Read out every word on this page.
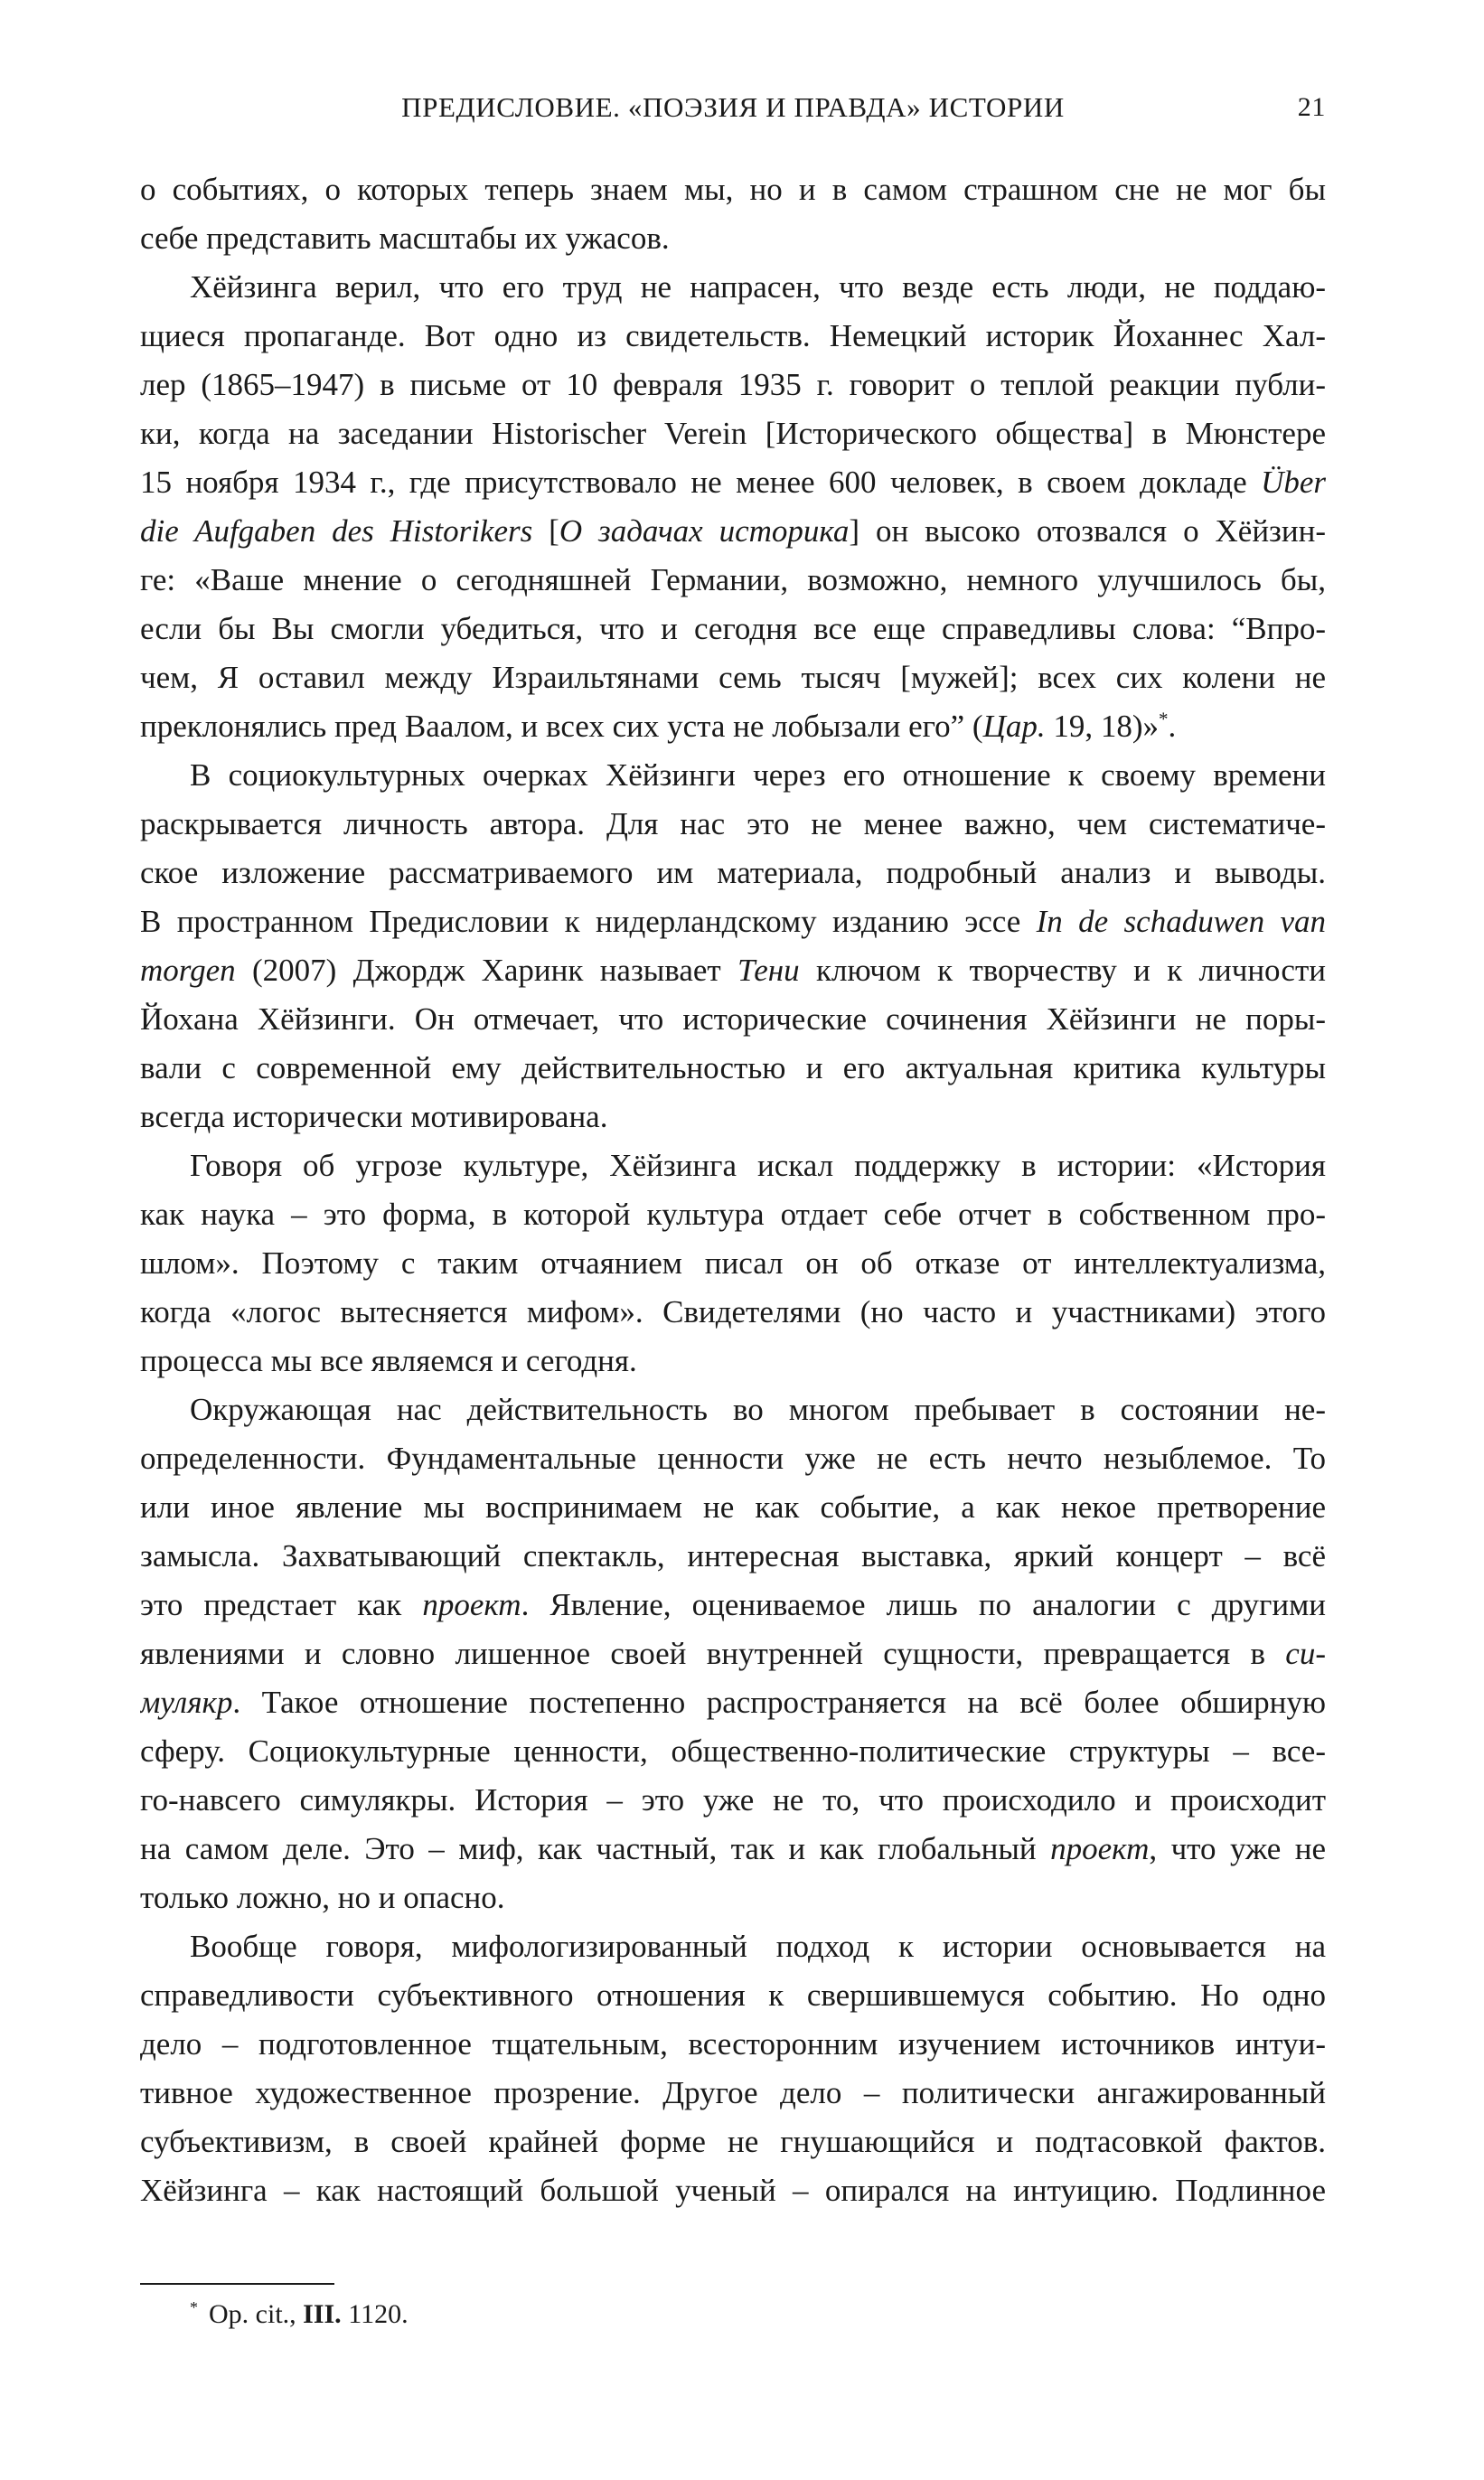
ПРЕДИСЛОВИЕ. «ПОЭЗИЯ И ПРАВДА» ИСТОРИИ	21
о событиях, о которых теперь знаем мы, но и в самом страшном сне не мог бы
себе представить масштабы их ужасов.
Хёйзинга верил, что его труд не напрасен, что везде есть люди, не поддаю-
щиеся пропаганде. Вот одно из свидетельств. Немецкий историк Йоханнес Хал-
лер (1865–1947) в письме от 10 февраля 1935 г. говорит о теплой реакции публи-
ки, когда на заседании Historischer Verein [Исторического общества] в Мюнстере
15 ноября 1934 г., где присутствовало не менее 600 человек, в своем докладе Über
die Aufgaben des Historikers [О задачах историка] он высоко отозвался о Хёйзин-
ге: «Ваше мнение о сегодняшней Германии, возможно, немного улучшилось бы,
если бы Вы смогли убедиться, что и сегодня все еще справедливы слова: “Впро-
чем, Я оставил между Израильтянами семь тысяч [мужей]; всех сих колени не
преклонялись пред Ваалом, и всех сих уста не лобызали его” (Цар. 19, 18)»*.
В социокультурных очерках Хёйзинги через его отношение к своему времени
раскрывается личность автора. Для нас это не менее важно, чем систематиче-
ское изложение рассматриваемого им материала, подробный анализ и выводы.
В пространном Предисловии к нидерландскому изданию эссе In de schaduwen van
morgen (2007) Джордж Харинк называет Тени ключом к творчеству и к личности
Йохана Хёйзинги. Он отмечает, что исторические сочинения Хёйзинги не поры-
вали с современной ему действительностью и его актуальная критика культуры
всегда исторически мотивирована.
Говоря об угрозе культуре, Хёйзинга искал поддержку в истории: «История
как наука – это форма, в которой культура отдает себе отчет в собственном про-
шлом». Поэтому с таким отчаянием писал он об отказе от интеллектуализма,
когда «логос вытесняется мифом». Свидетелями (но часто и участниками) этого
процесса мы все являемся и сегодня.
Окружающая нас действительность во многом пребывает в состоянии не-
определенности. Фундаментальные ценности уже не есть нечто незыблемое. То
или иное явление мы воспринимаем не как событие, а как некое претворение
замысла. Захватывающий спектакль, интересная выставка, яркий концерт – всё
это предстает как проект. Явление, оцениваемое лишь по аналогии с другими
явлениями и словно лишенное своей внутренней сущности, превращается в си-
мулякр. Такое отношение постепенно распространяется на всё более обширную
сферу. Социокультурные ценности, общественно-политические структуры – все-
го-навсего симулякры. История – это уже не то, что происходило и происходит
на самом деле. Это – миф, как частный, так и как глобальный проект, что уже не
только ложно, но и опасно.
Вообще говоря, мифологизированный подход к истории основывается на
справедливости субъективного отношения к свершившемуся событию. Но одно
дело – подготовленное тщательным, всесторонним изучением источников интуи-
тивное художественное прозрение. Другое дело – политически ангажированный
субъективизм, в своей крайней форме не гнушающийся и подтасовкой фактов.
Хёйзинга – как настоящий большой ученый – опирался на интуицию. Подлинное
* Op. cit., III. 1120.
